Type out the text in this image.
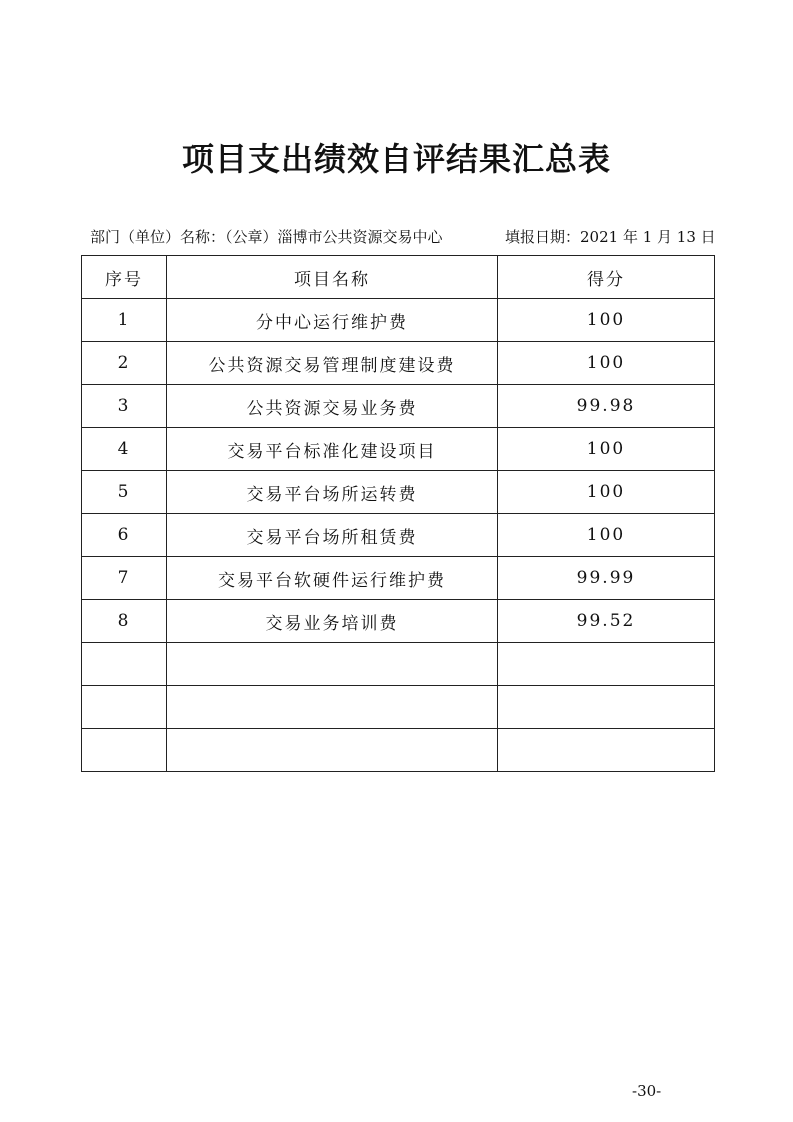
项目支出绩效自评结果汇总表
部门（单位）名称：（公章）淄博市公共资源交易中心	填报日期：2021 年 1 月 13 日
序号	项目名称	得分
1	分中心运行维护费	100
2	公共资源交易管理制度建设费	100
3	公共资源交易业务费	99.98
4	交易平台标准化建设项目	100
5	交易平台场所运转费	100
6	交易平台场所租赁费	100
7	交易平台软硬件运行维护费	99.99
8	交易业务培训费	99.52

-30-
